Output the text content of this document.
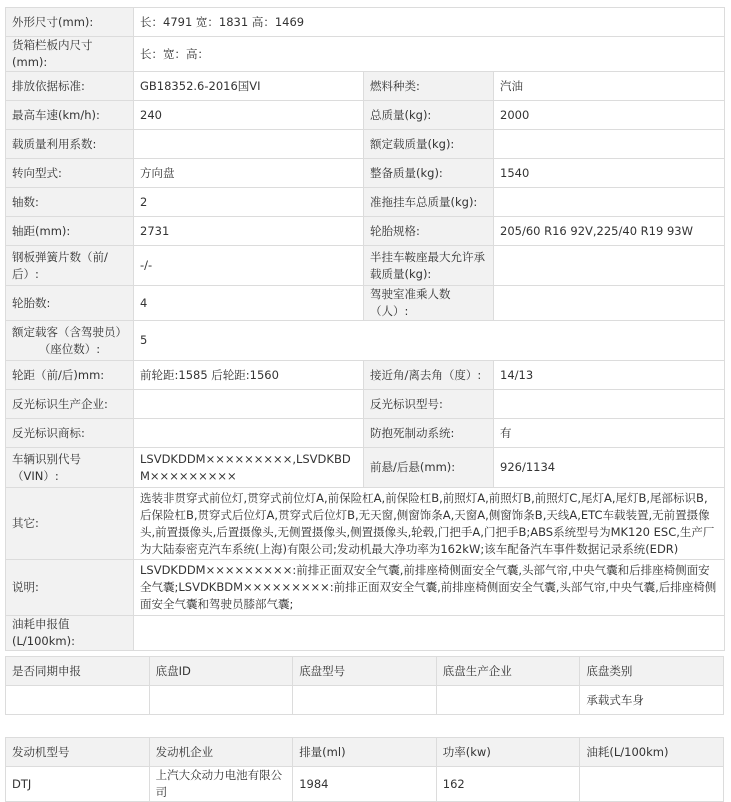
外形尺寸(mm):	长：4791 宽：1831 高：1469		
货箱栏板内尺寸(mm):	长：宽：高：		
排放依据标准:	GB18352.6-2016国VI	燃料种类:	汽油
最高车速(km/h):	240	总质量(kg):	2000
载质量利用系数:		额定载质量(kg):	
转向型式:	方向盘	整备质量(kg):	1540
轴数:	2	准拖挂车总质量(kg):	
轴距(mm):	2731	轮胎规格:	205/60 R16 92V,225/40 R19 93W
钢板弹簧片数（前/后）:	-/-	半挂车鞍座最大允许承载质量(kg):	
轮胎数:	4	驾驶室准乘人数（人）:	
额定载客（含驾驶员）（座位数）:	5		
轮距（前/后)mm:	前轮距:1585 后轮距:1560	接近角/离去角（度）:	14/13
反光标识生产企业:		反光标识型号:	
反光标识商标:		防抱死制动系统:	有
车辆识别代号（VIN）:	LSVDKDDM×××××××××,LSVDKBDM×××××××××	前悬/后悬(mm):	926/1134
其它:	选装非贯穿式前位灯,贯穿式前位灯A,前保险杠A,前保险杠B,前照灯A,前照灯B,前照灯C,尾灯A,尾灯B,尾部标识B,后保险杠B,贯穿式后位灯A,贯穿式后位灯B,无天窗,侧窗饰条A,天窗A,侧窗饰条B,天线A,ETC车载装置,无前置摄像头,前置摄像头,后置摄像头,无侧置摄像头,侧置摄像头,轮毂,门把手A,门把手B;ABS系统型号为MK120 ESC,生产厂为大陆泰密克汽车系统(上海)有限公司;发动机最大净功率为162kW;该车配备汽车事件数据记录系统(EDR)		
说明:	LSVDKDDM×××××××××:前排正面双安全气囊,前排座椅侧面安全气囊,头部气帘,中央气囊和后排座椅侧面安全气囊;LSVDKBDM×××××××××:前排正面双安全气囊,前排座椅侧面安全气囊,头部气帘,中央气囊,后排座椅侧面安全气囊和驾驶员膝部气囊;		
油耗申报值(L/100km):			
是否同期申报	底盘ID	底盘型号	底盘生产企业	底盘类别
				承载式车身
发动机型号	发动机企业	排量(ml)	功率(kw)	油耗(L/100km)
DTJ	上汽大众动力电池有限公司	1984	162	
